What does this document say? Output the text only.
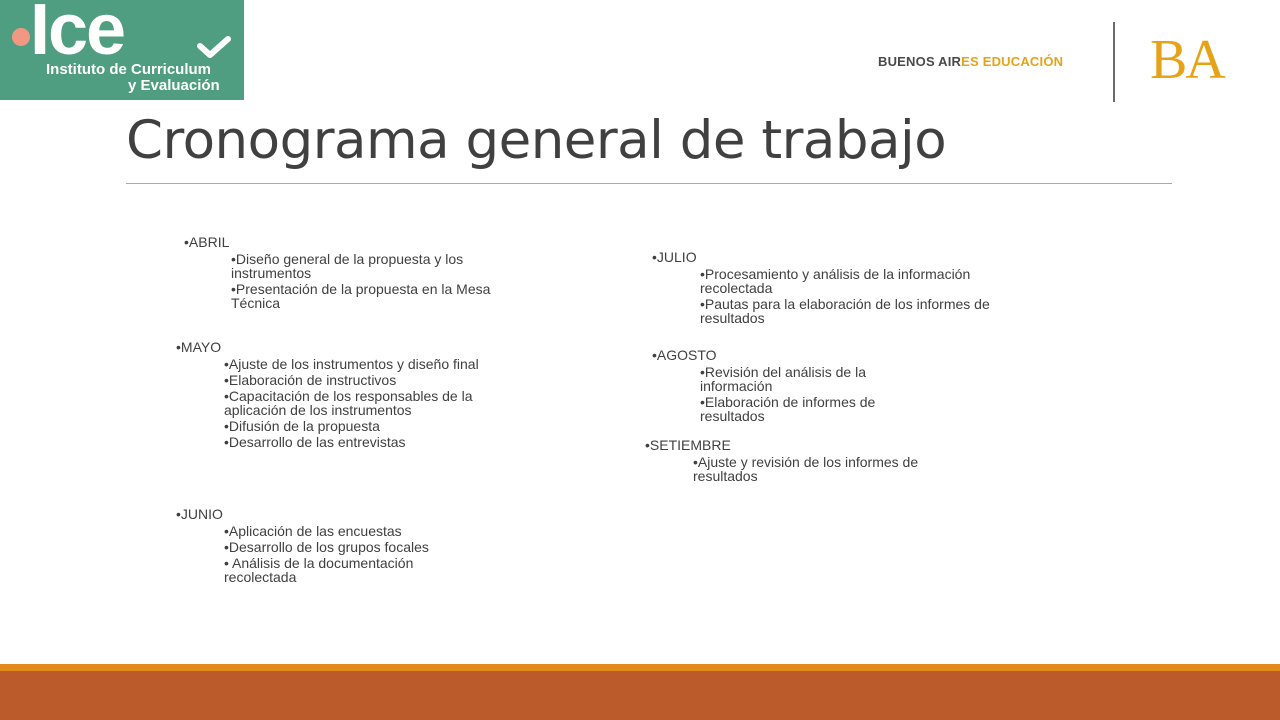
Ice
Instituto de Curriculum
y Evaluación
BUENOS AIRES EDUCACIÓN BA
Cronograma general de trabajo
•ABRIL
•Diseño general de la propuesta y los instrumentos
•Presentación de la propuesta en la Mesa Técnica
•MAYO
•Ajuste de los instrumentos y diseño final
•Elaboración de instructivos
•Capacitación de los responsables de la aplicación de los instrumentos
•Difusión de la propuesta
•Desarrollo de las entrevistas
•JUNIO
•Aplicación de las encuestas
•Desarrollo de los grupos focales
• Análisis de la documentación recolectada
•JULIO
•Procesamiento y análisis de la información recolectada
•Pautas para la elaboración de los informes de resultados
•AGOSTO
•Revisión del análisis de la información
•Elaboración de informes de resultados
•SETIEMBRE
•Ajuste y revisión de los informes de resultados
